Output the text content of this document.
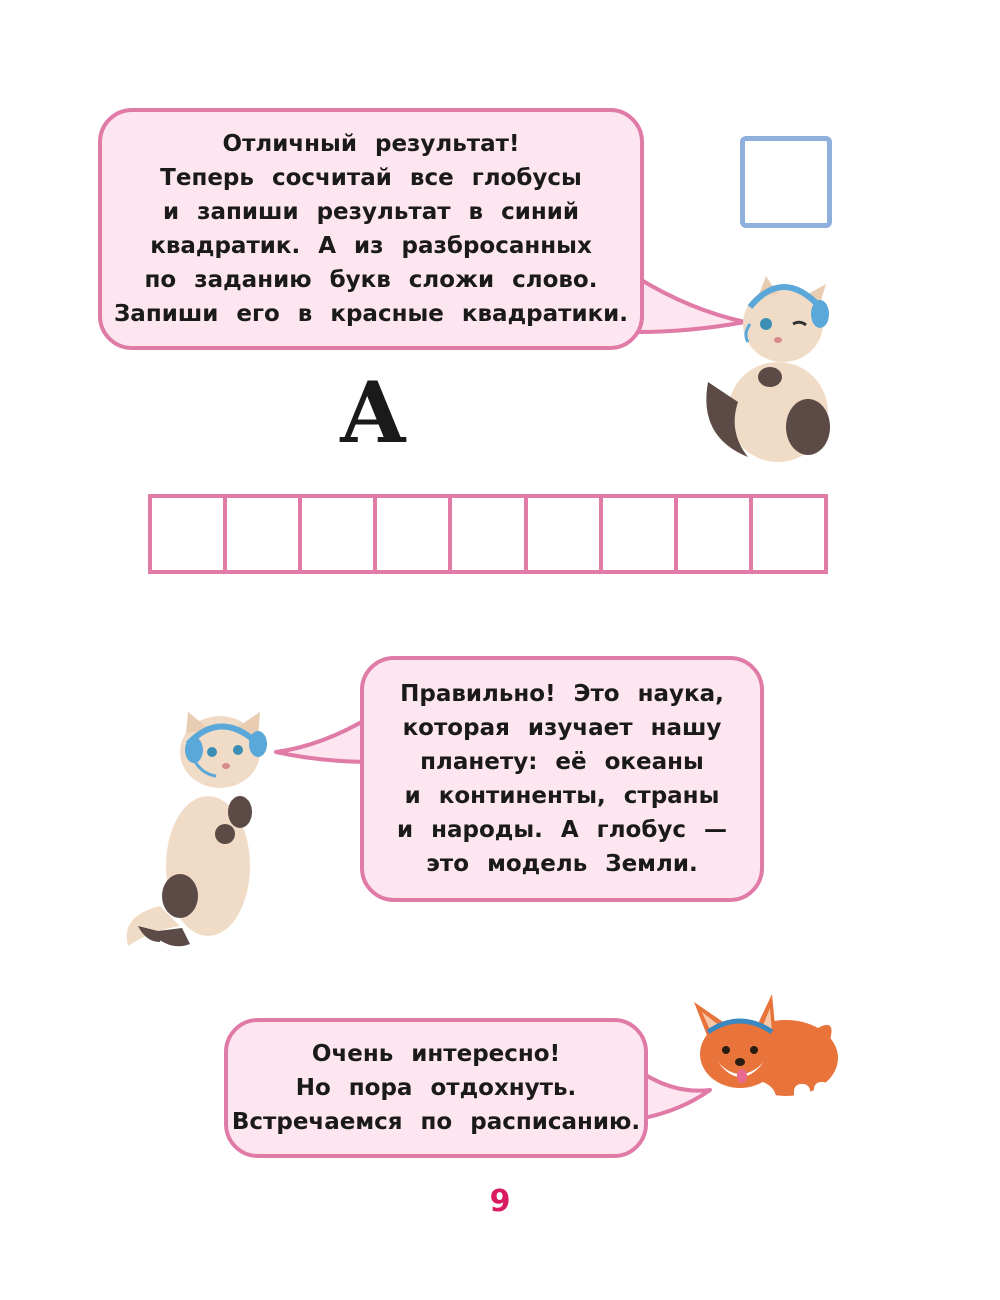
Отличный результат!
Теперь сосчитай все глобусы
и запиши результат в синий
квадратик. А из разбросанных
по заданию букв сложи слово.
Запиши его в красные квадратики.
А
Правильно! Это наука,
которая изучает нашу
планету: её океаны
и континенты, страны
и народы. А глобус —
это модель Земли.
Очень интересно!
Но пора отдохнуть.
Встречаемся по расписанию.
9
